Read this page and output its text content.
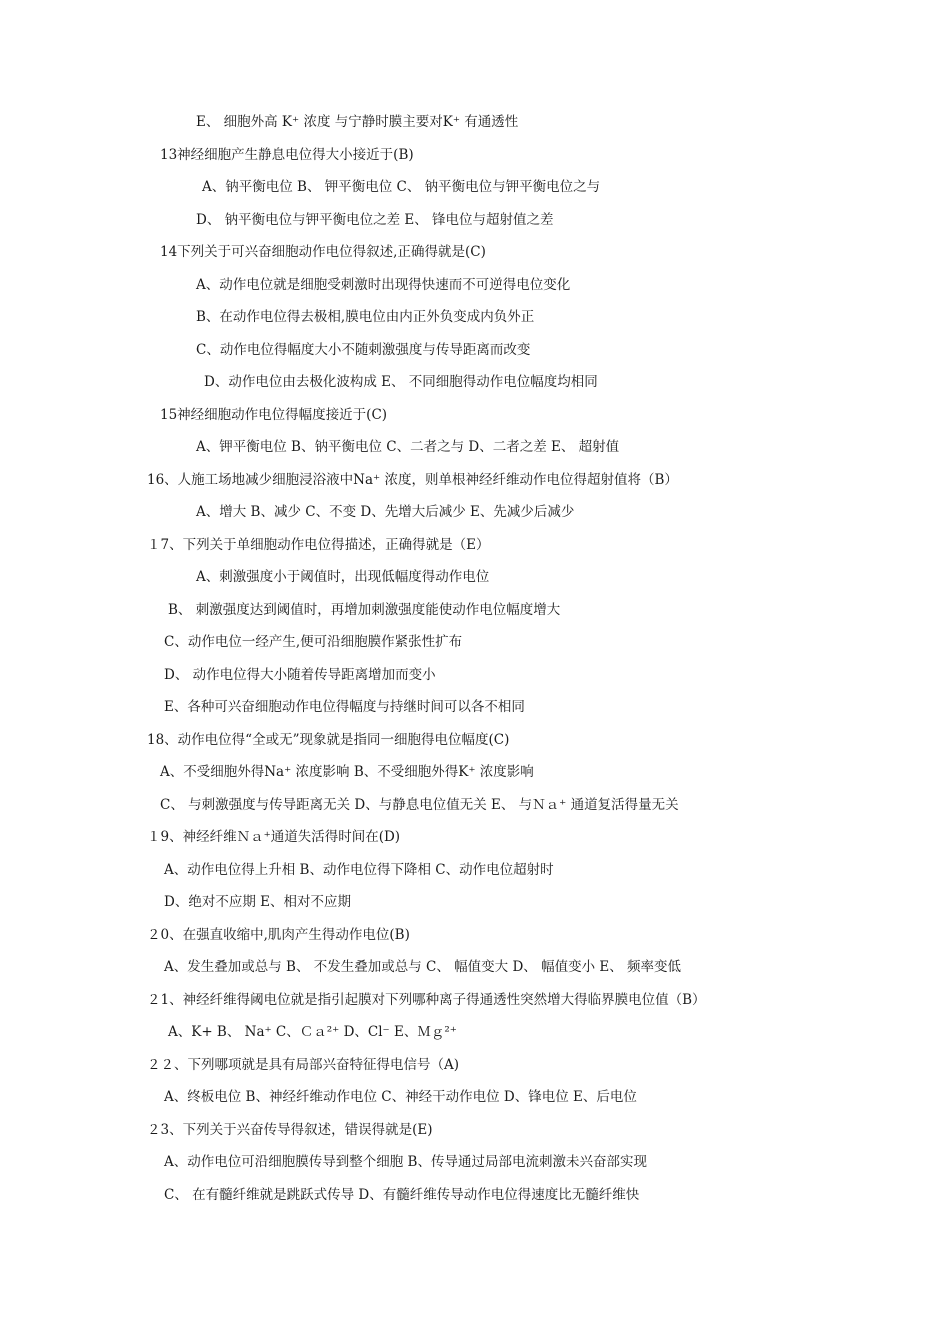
E、 细胞外高 K⁺ 浓度 与宁静时膜主要对K⁺ 有通透性
13神经细胞产生静息电位得大小接近于(B)
A、钠平衡电位 B、 钾平衡电位 C、 钠平衡电位与钾平衡电位之与
D、 钠平衡电位与钾平衡电位之差 E、 锋电位与超射值之差
14下列关于可兴奋细胞动作电位得叙述,正确得就是(C)
A、动作电位就是细胞受刺激时出现得快速而不可逆得电位变化
B、在动作电位得去极相,膜电位由内正外负变成内负外正
C、动作电位得幅度大小不随刺激强度与传导距离而改变
D、动作电位由去极化波构成 E、 不同细胞得动作电位幅度均相同
15神经细胞动作电位得幅度接近于(C)
A、钾平衡电位 B、钠平衡电位 C、二者之与 D、二者之差 E、 超射值
16、人施工场地减少细胞浸浴液中Na⁺ 浓度，则单根神经纤维动作电位得超射值将（B）
A、增大 B、减少 C、不变 D、先增大后减少 E、先减少后减少
１7、下列关于单细胞动作电位得描述，正确得就是（E）
A、刺激强度小于阈值时，出现低幅度得动作电位
B、 刺激强度达到阈值时，再增加刺激强度能使动作电位幅度增大
C、动作电位一经产生,便可沿细胞膜作紧张性扩布
D、 动作电位得大小随着传导距离增加而变小
E、各种可兴奋细胞动作电位得幅度与持继时间可以各不相同
18、动作电位得“全或无”现象就是指同一细胞得电位幅度(C)
A、不受细胞外得Na⁺ 浓度影响 B、不受细胞外得K⁺ 浓度影响
C、 与刺激强度与传导距离无关 D、与静息电位值无关 E、 与Ｎａ⁺ 通道复活得量无关
１9、神经纤维Ｎａ⁺通道失活得时间在(D)
A、动作电位得上升相 B、动作电位得下降相 C、动作电位超射时
D、绝对不应期 E、相对不应期
２0、在强直收缩中,肌肉产生得动作电位(B)
A、发生叠加或总与 B、 不发生叠加或总与 C、 幅值变大 D、 幅值变小 E、 频率变低
２1、神经纤维得阈电位就是指引起膜对下列哪种离子得通透性突然增大得临界膜电位值（B）
A、K+ B、 Na⁺ C、Ｃａ²⁺ D、Cl⁻ E、Ｍｇ²⁺
２２、下列哪项就是具有局部兴奋特征得电信号（A)
A、终板电位 B、神经纤维动作电位 C、神经干动作电位 D、锋电位 E、后电位
２3、下列关于兴奋传导得叙述，错误得就是(E)
A、动作电位可沿细胞膜传导到整个细胞 B、传导通过局部电流刺激未兴奋部实现
C、 在有髓纤维就是跳跃式传导 D、有髓纤维传导动作电位得速度比无髓纤维快
